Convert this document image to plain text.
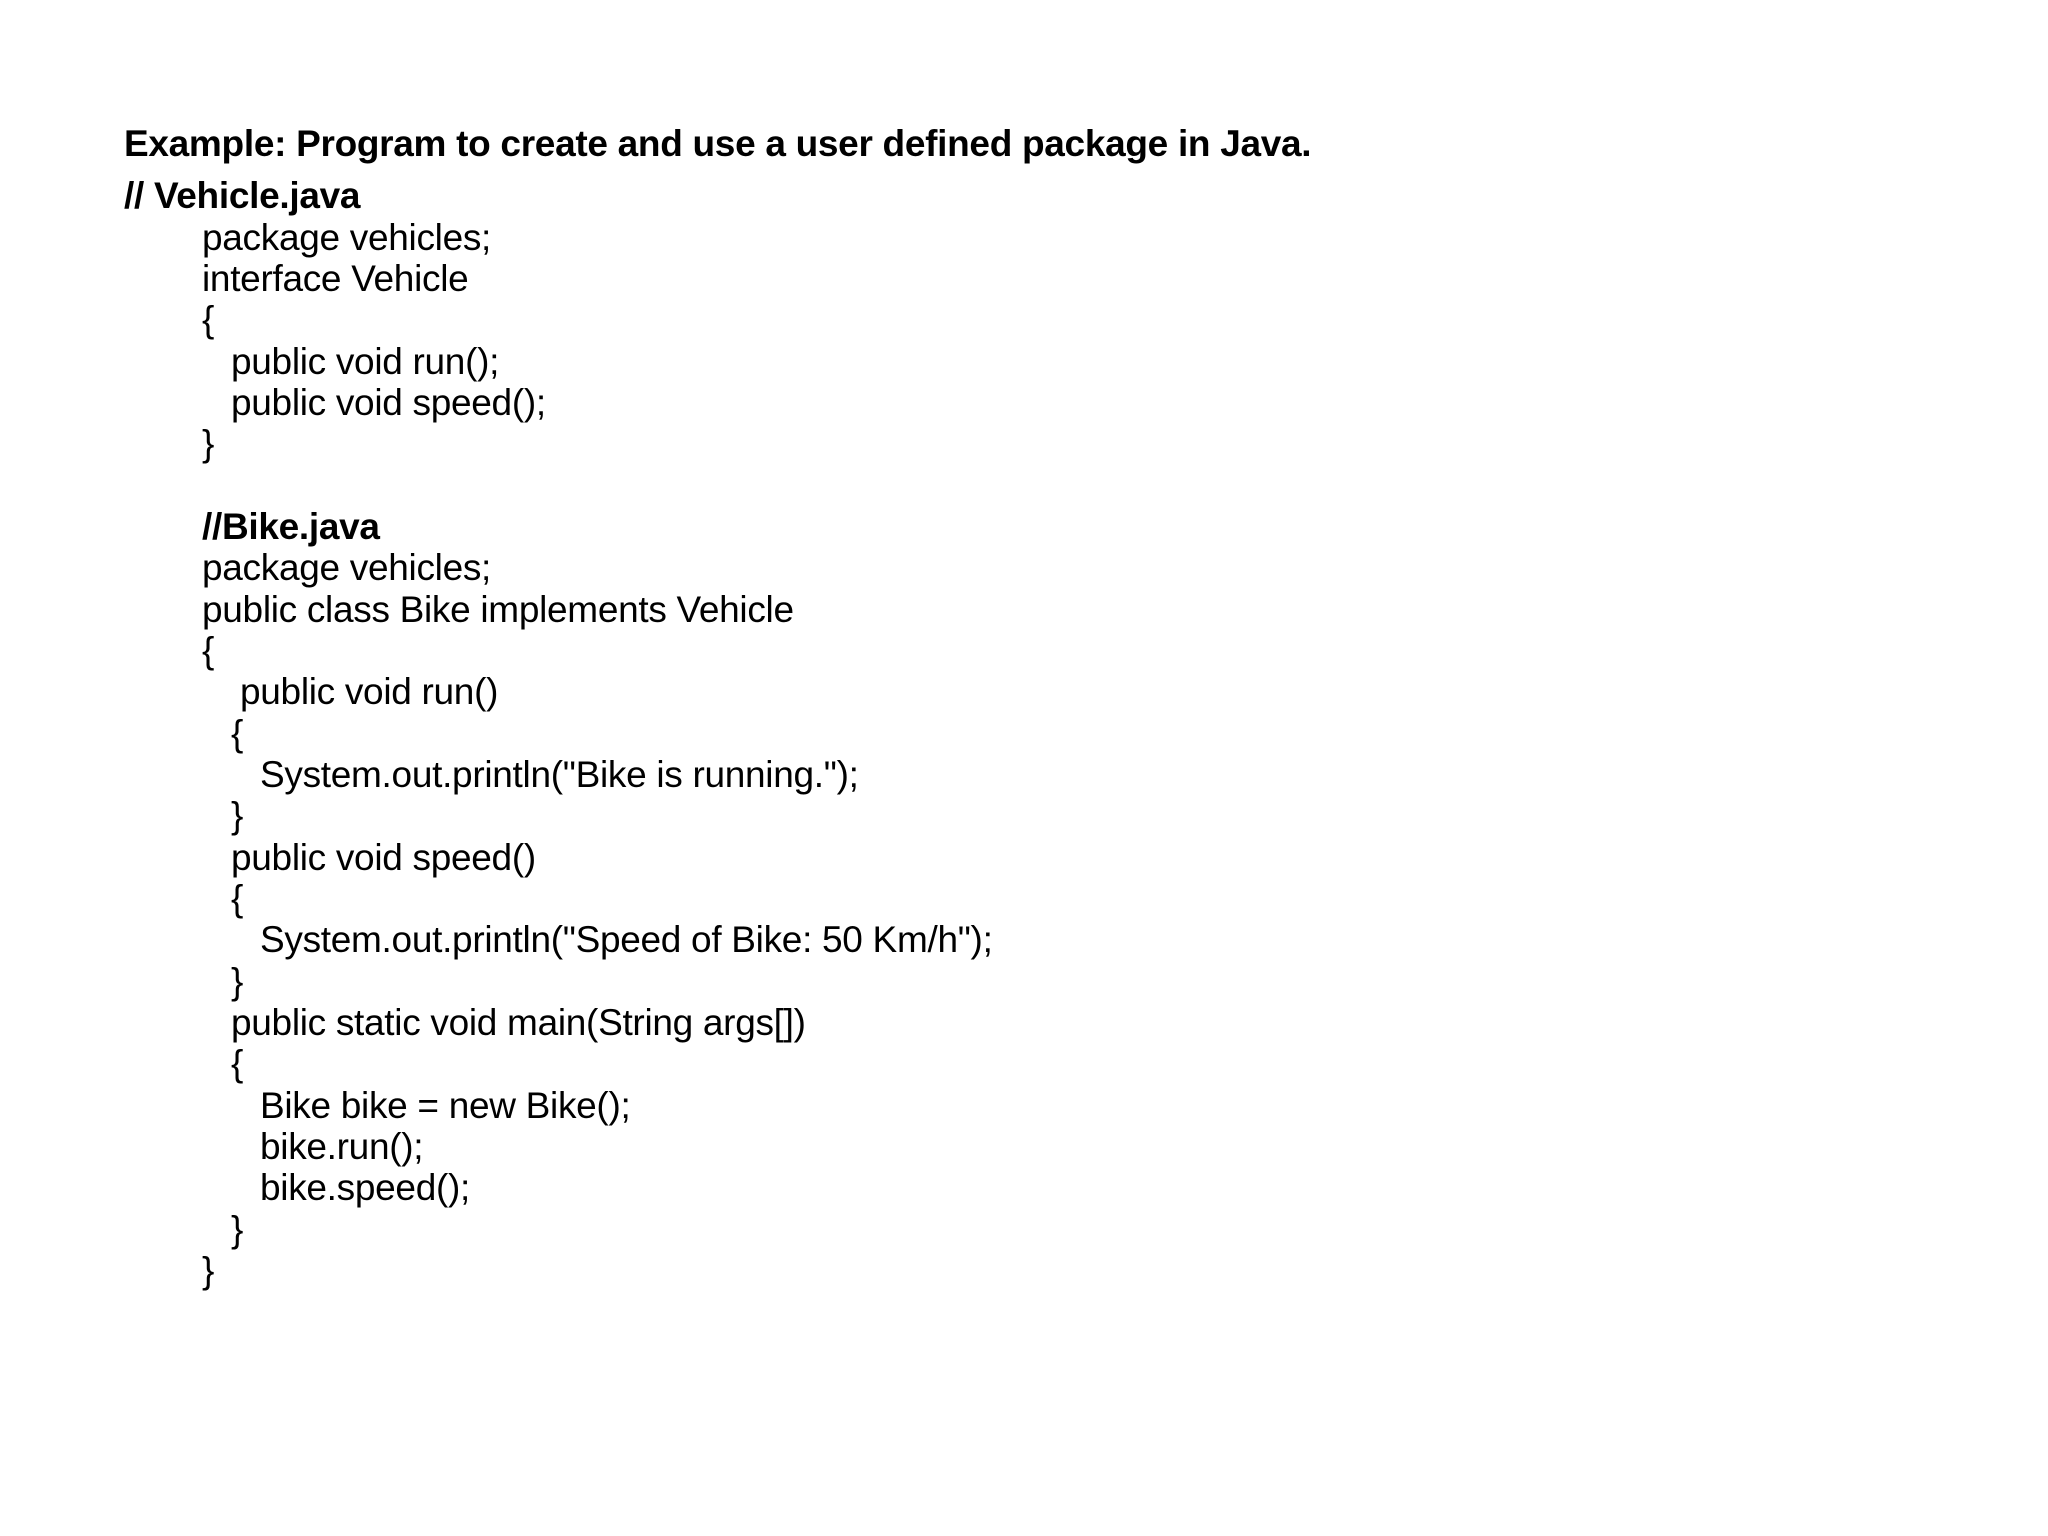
Example: Program to create and use a user defined package in Java.
// Vehicle.java
package vehicles;
interface Vehicle
{
public void run();
public void speed();
}
//Bike.java
package vehicles;
public class Bike implements Vehicle
{
public void run()
{
System.out.println("Bike is running.");
}
public void speed()
{
System.out.println("Speed of Bike: 50 Km/h");
}
public static void main(String args[])
{
Bike bike = new Bike();
bike.run();
bike.speed();
}
}
